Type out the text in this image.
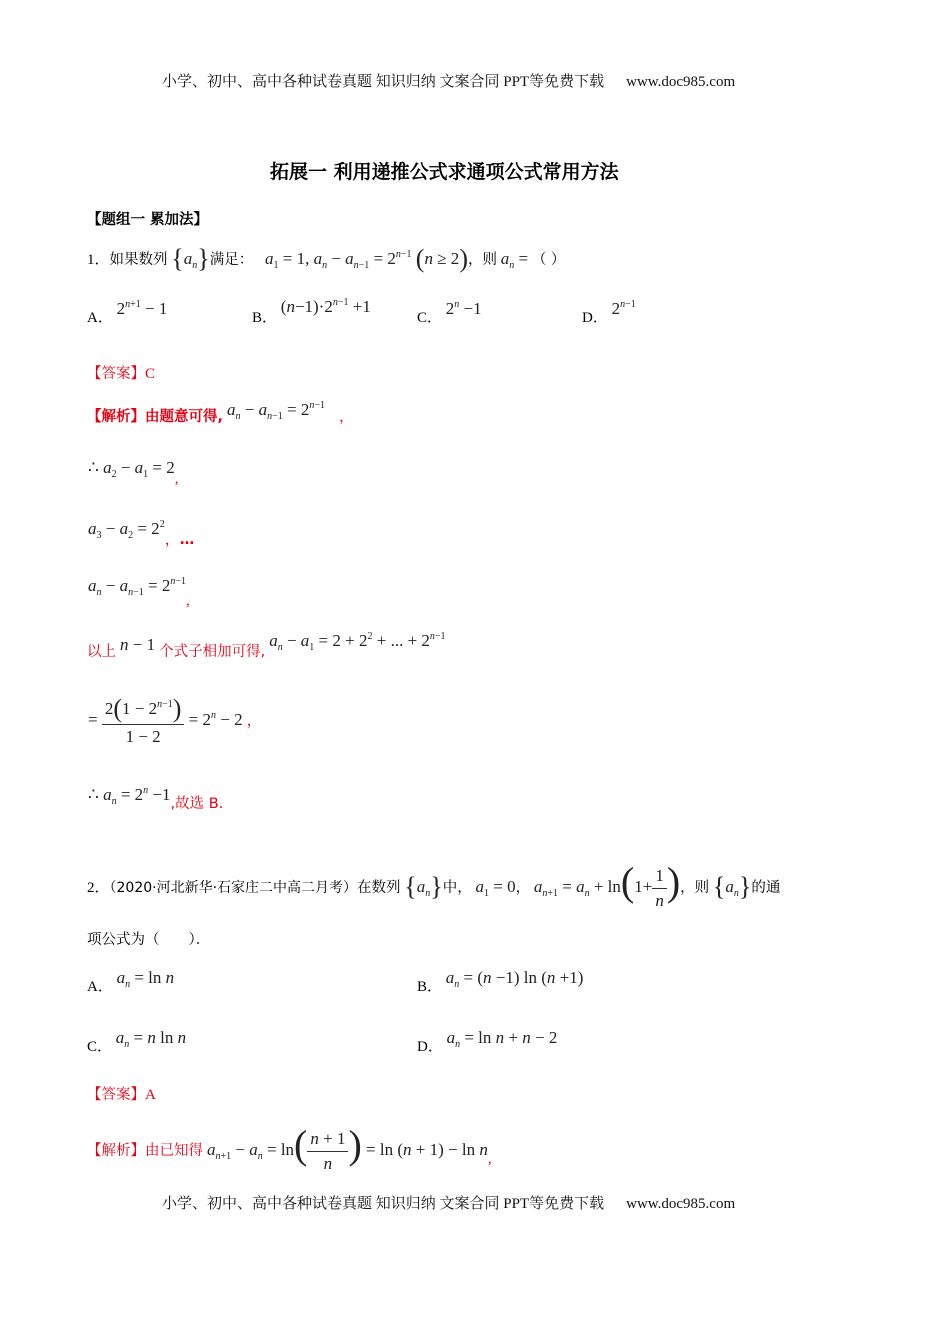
小学、初中、高中各种试卷真题 知识归纳 文案合同 PPT等免费下载 www.doc985.com
拓展一 利用递推公式求通项公式常用方法
【题组一 累加法】
1．如果数列 $\{a_n\}$满足： $a_1 = 1$, $a_n - a_{n-1} = 2^{n-1}$ (n ≥ 2)，则 $a_n$ = （ ）
A． $2^{n+1} - 1$	B． $(n-1)\cdot 2^{n-1} +1$
C． $2^n -1$	D． $2^{n-1}$
【答案】C
【解析】由题意可得, $a_n - a_{n-1} = 2^{n-1}$ ，
∴ $a_2 - a_1 = 2$,
$a_3 - a_2 = 2^2$，…
$a_n - a_{n-1} = 2^{n-1}$,
以上 n − 1 个式子相加可得, $a_n - a_1 = 2 + 2^2$ + ... + $2^{n-1}$
= $\frac{2(1 - 2^{n-1})}{1 - 2} = 2^n - 2$ ，
∴ $a_n = 2^n -1$,故选 B.
2．（2020·河北新华·石家庄二中高二月考）在数列 $\{a_n\}$中， $a_1 = 0$， $a_{n+1} = a_n + \ln(1+ \frac{1}{n}$ )，则 $\{a_n\}$的通
项公式为（　　）．
A． $a_n = \ln n$	B． $a_n = (n -1)$ ln (n +1)
C． $a_n = n$ ln n	D． $a_n = \ln n + n - 2$
【答案】A
【解析】由已知得 $a_{n+1} - a_n = \ln( \frac{n + 1}{n}$ ) = ln (n + 1) − ln n,
小学、初中、高中各种试卷真题 知识归纳 文案合同 PPT等免费下载 www.doc985.com
